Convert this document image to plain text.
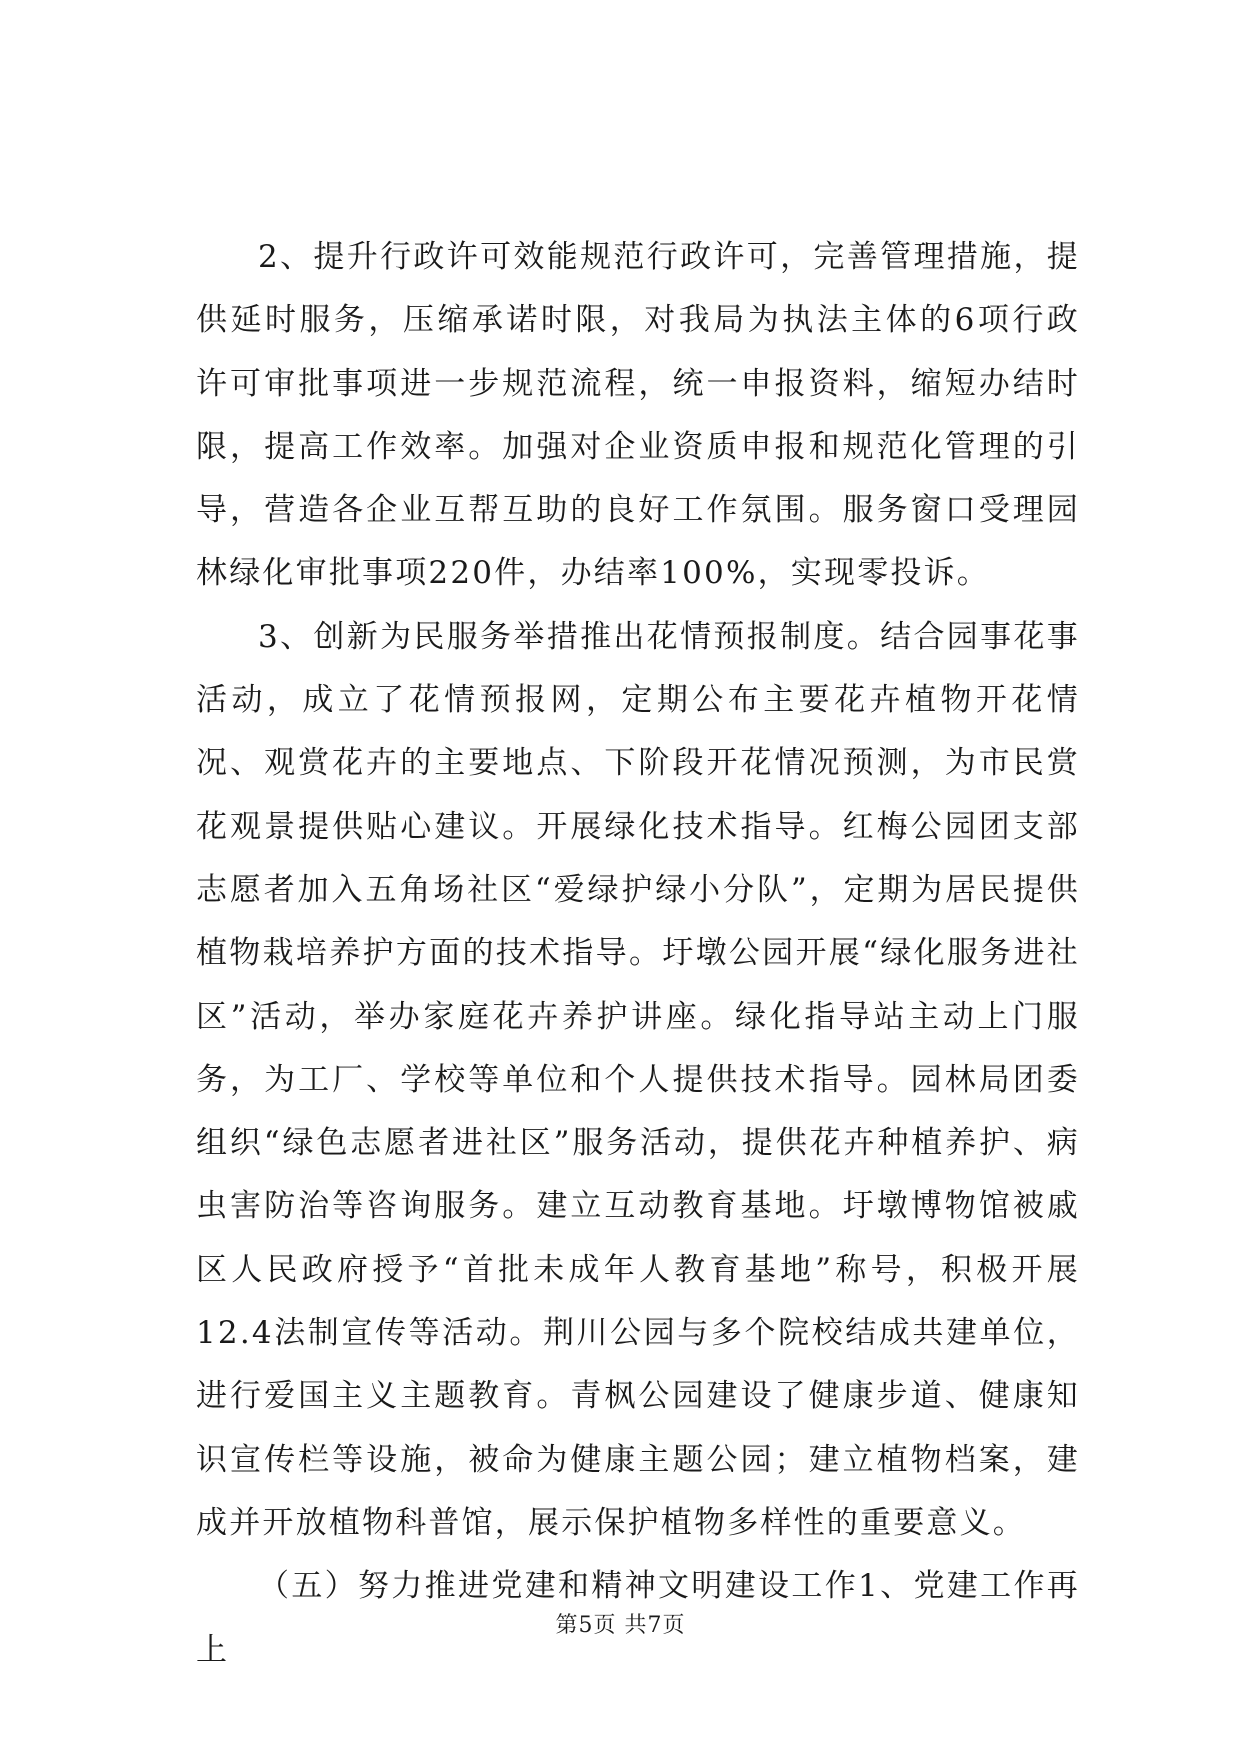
2、提升行政许可效能规范行政许可，完善管理措施，提供延时服务，压缩承诺时限，对我局为执法主体的6项行政许可审批事项进一步规范流程，统一申报资料，缩短办结时限，提高工作效率。加强对企业资质申报和规范化管理的引导，营造各企业互帮互助的良好工作氛围。服务窗口受理园林绿化审批事项220件，办结率100%，实现零投诉。

3、创新为民服务举措推出花情预报制度。结合园事花事活动，成立了花情预报网，定期公布主要花卉植物开花情况、观赏花卉的主要地点、下阶段开花情况预测，为市民赏花观景提供贴心建议。开展绿化技术指导。红梅公园团支部志愿者加入五角场社区“爱绿护绿小分队”，定期为居民提供植物栽培养护方面的技术指导。圩墩公园开展“绿化服务进社区”活动，举办家庭花卉养护讲座。绿化指导站主动上门服务，为工厂、学校等单位和个人提供技术指导。园林局团委组织“绿色志愿者进社区”服务活动，提供花卉种植养护、病虫害防治等咨询服务。建立互动教育基地。圩墩博物馆被戚区人民政府授予“首批未成年人教育基地”称号，积极开展12.4法制宣传等活动。荆川公园与多个院校结成共建单位，进行爱国主义主题教育。青枫公园建设了健康步道、健康知识宣传栏等设施，被命为健康主题公园；建立植物档案，建成并开放植物科普馆，展示保护植物多样性的重要意义。

（五）努力推进党建和精神文明建设工作1、党建工作再上

第5页 共7页
